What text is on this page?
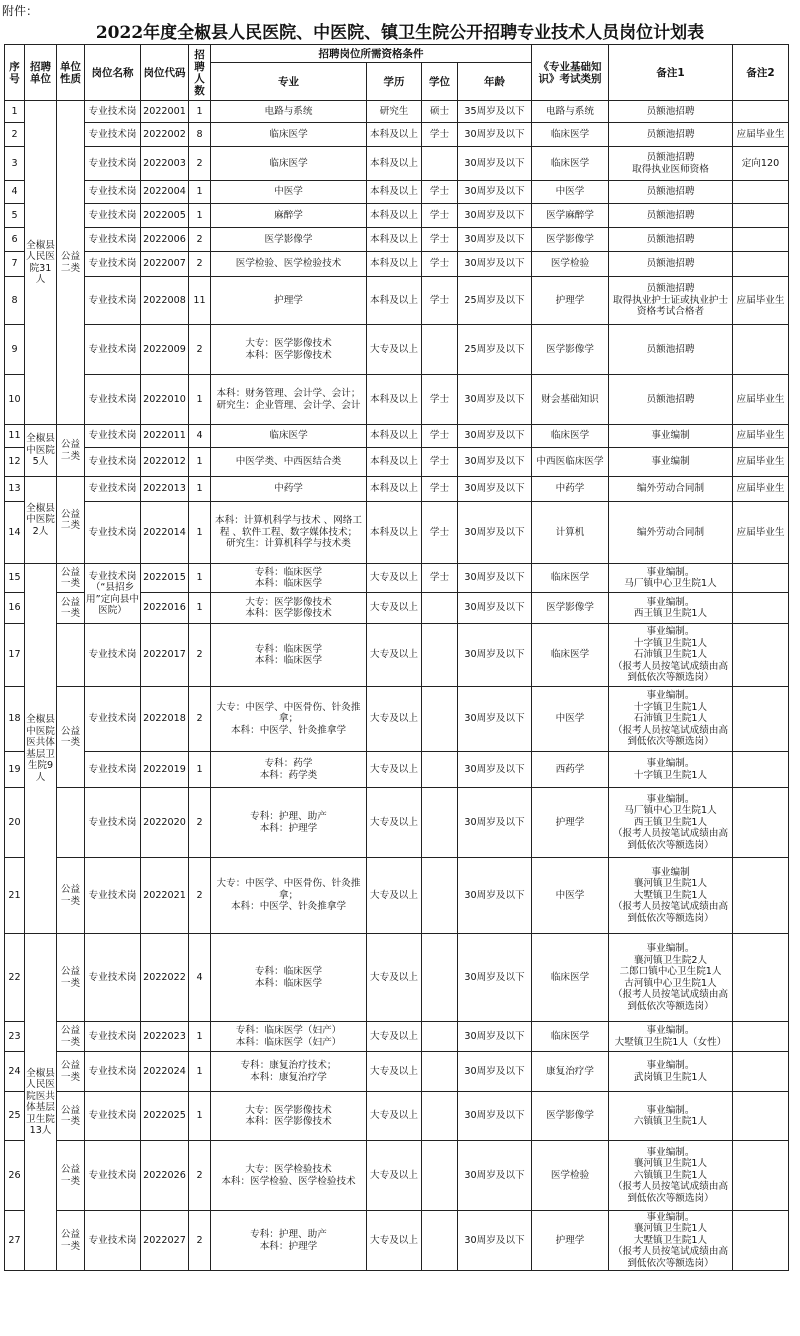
附件：
2022年度全椒县人民医院、中医院、镇卫生院公开招聘专业技术人员岗位计划表
序号	招聘单位	单位性质	岗位名称	岗位代码	招聘人数	招聘岗位所需资格条件				《专业基础知识》考试类别	备注1	备注2
						专业	学历	学位	年龄			
1	全椒县人民医院31人	公益二类	专业技术岗	2022001	1	电路与系统	研究生	硕士	35周岁及以下	电路与系统	员额池招聘	
2			专业技术岗	2022002	8	临床医学	本科及以上	学士	30周岁及以下	临床医学	员额池招聘	应届毕业生
3			专业技术岗	2022003	2	临床医学	本科及以上		30周岁及以下	临床医学	员额池招聘
取得执业医师资格	定向120
4			专业技术岗	2022004	1	中医学	本科及以上	学士	30周岁及以下	中医学	员额池招聘	
5			专业技术岗	2022005	1	麻醉学	本科及以上	学士	30周岁及以下	医学麻醉学	员额池招聘	
6			专业技术岗	2022006	2	医学影像学	本科及以上	学士	30周岁及以下	医学影像学	员额池招聘	
7			专业技术岗	2022007	2	医学检验、医学检验技术	本科及以上	学士	30周岁及以下	医学检验	员额池招聘	
8			专业技术岗	2022008	11	护理学	本科及以上	学士	25周岁及以下	护理学	员额池招聘
取得执业护士证或执业护士资格考试合格者	应届毕业生
9			专业技术岗	2022009	2	大专：医学影像技术
本科：医学影像技术	大专及以上		25周岁及以下	医学影像学	员额池招聘	
10			专业技术岗	2022010	1	本科：财务管理、会计学、会计；
研究生：企业管理、会计学、会计	本科及以上	学士	30周岁及以下	财会基础知识	员额池招聘	应届毕业生
11	全椒县中医院5人	公益二类	专业技术岗	2022011	4	临床医学	本科及以上	学士	30周岁及以下	临床医学	事业编制	应届毕业生
12			专业技术岗	2022012	1	中医学类、中西医结合类	本科及以上	学士	30周岁及以下	中西医临床医学	事业编制	应届毕业生
13	全椒县中医院2人	公益二类	专业技术岗	2022013	1	中药学	本科及以上	学士	30周岁及以下	中药学	编外劳动合同制	应届毕业生
14			专业技术岗	2022014	1	本科：计算机科学与技术 、网络工程 、软件工程、数字媒体技术；
研究生：计算机科学与技术类	本科及以上	学士	30周岁及以下	计算机	编外劳动合同制	应届毕业生
15	全椒县中医院医共体基层卫生院9人	公益一类	专业技术岗（“县招乡用”定向县中医院）	2022015	1	专科：临床医学
本科：临床医学	大专及以上	学士	30周岁及以下	临床医学	事业编制。
马厂镇中心卫生院1人	
16		公益一类		2022016	1	大专：医学影像技术
本科：医学影像技术	大专及以上		30周岁及以下	医学影像学	事业编制。
西王镇卫生院1人	
17			专业技术岗	2022017	2	专科：临床医学
本科：临床医学	大专及以上		30周岁及以下	临床医学	事业编制。
十字镇卫生院1人
石沛镇卫生院1人
（报考人员按笔试成绩由高到低依次等额选岗）	
18		公益一类	专业技术岗	2022018	2	大专：中医学、中医骨伤、针灸推拿；
本科：中医学、针灸推拿学	大专及以上		30周岁及以下	中医学	事业编制。
十字镇卫生院1人
石沛镇卫生院1人
（报考人员按笔试成绩由高到低依次等额选岗）	
19			专业技术岗	2022019	1	专科：药学
本科：药学类	大专及以上		30周岁及以下	西药学	事业编制。
十字镇卫生院1人	
20			专业技术岗	2022020	2	专科：护理、助产
本科：护理学	大专及以上		30周岁及以下	护理学	事业编制。
马厂镇中心卫生院1人
西王镇卫生院1人
（报考人员按笔试成绩由高到低依次等额选岗）	
21		公益一类	专业技术岗	2022021	2	大专：中医学、中医骨伤、针灸推拿；
本科：中医学、针灸推拿学	大专及以上		30周岁及以下	中医学	事业编制
襄河镇卫生院1人
大墅镇卫生院1人
（报考人员按笔试成绩由高到低依次等额选岗）	
22	全椒县人民医院医共体基层卫生院13人	公益一类	专业技术岗	2022022	4	专科：临床医学
本科：临床医学	大专及以上		30周岁及以下	临床医学	事业编制。
襄河镇卫生院2人
二郎口镇中心卫生院1人
古河镇中心卫生院1人
（报考人员按笔试成绩由高到低依次等额选岗）	
23		公益一类	专业技术岗	2022023	1	专科：临床医学（妇产）
本科：临床医学（妇产）	大专及以上		30周岁及以下	临床医学	事业编制。
大墅镇卫生院1人（女性）	
24		公益一类	专业技术岗	2022024	1	专科：康复治疗技术；
本科：康复治疗学	大专及以上		30周岁及以下	康复治疗学	事业编制。
武岗镇卫生院1人	
25		公益一类	专业技术岗	2022025	1	大专：医学影像技术
本科：医学影像技术	大专及以上		30周岁及以下	医学影像学	事业编制。
六镇镇卫生院1人	
26		公益一类	专业技术岗	2022026	2	大专：医学检验技术
本科：医学检验、医学检验技术	大专及以上		30周岁及以下	医学检验	事业编制。
襄河镇卫生院1人
六镇镇卫生院1人
（报考人员按笔试成绩由高到低依次等额选岗）	
27		公益一类	专业技术岗	2022027	2	专科：护理、助产
本科：护理学	大专及以上		30周岁及以下	护理学	事业编制。
襄河镇卫生院1人
大墅镇卫生院1人
（报考人员按笔试成绩由高到低依次等额选岗）	
